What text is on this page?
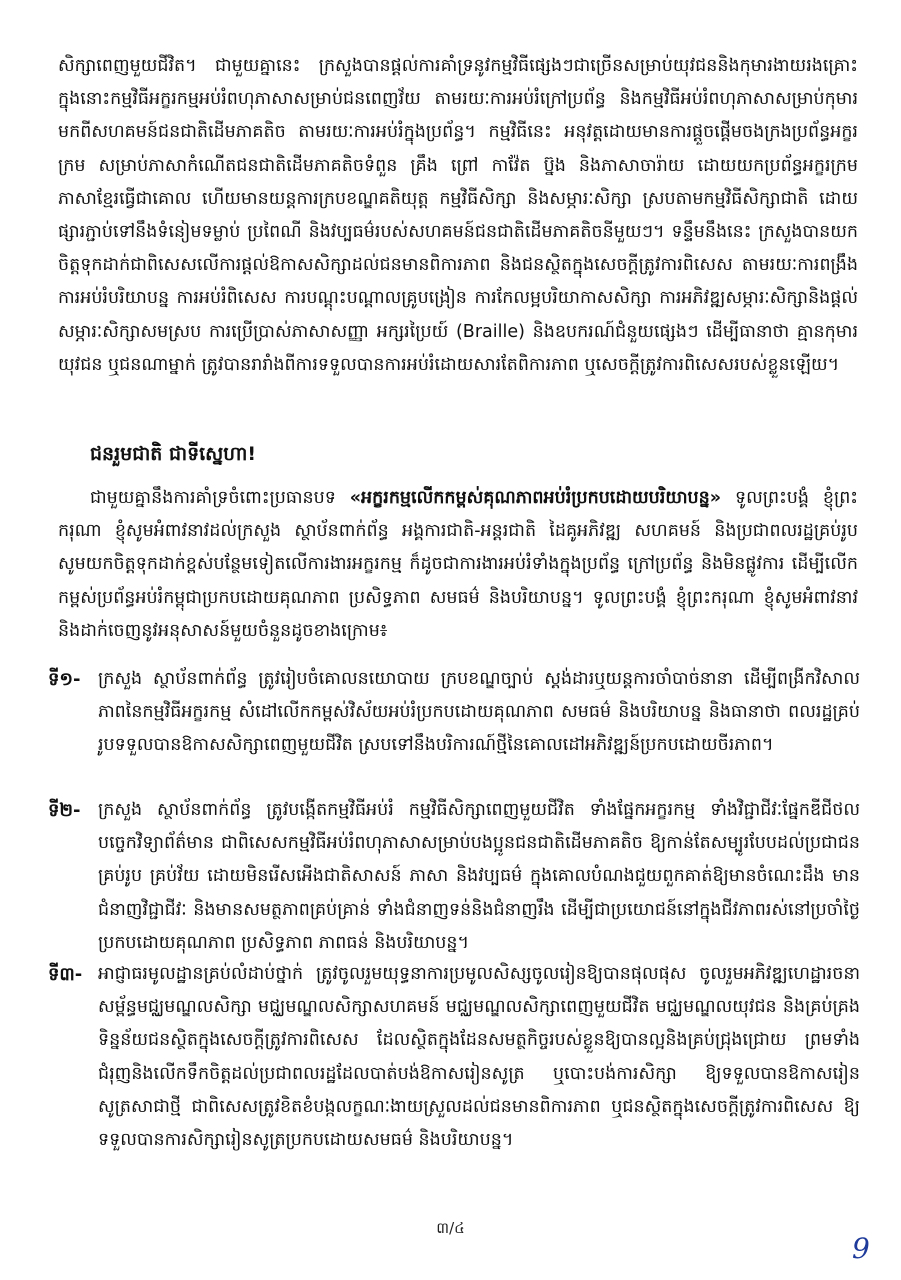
សិក្សាពេញមួយជីវិត។ ជាមួយគ្នានេះ ក្រសួងបានផ្តល់ការគាំទ្រនូវកម្មវិធីផ្សេងៗជាច្រើនសម្រាប់យុវជននិងកុមារងាយរងគ្រោះ ក្នុងនោះកម្មវិធីអក្ខរកម្មអប់រំពហុភាសាសម្រាប់ជនពេញវ័យ តាមរយៈការអប់រំក្រៅប្រព័ន្ធ និងកម្មវិធីអប់រំពហុភាសាសម្រាប់កុមារមកពីសហគមន៍ជនជាតិដើមភាគតិច តាមរយៈការអប់រំក្នុងប្រព័ន្ធ។ កម្មវិធីនេះ អនុវត្តដោយមានការផ្តួចផ្តើមចងក្រងប្រព័ន្ធអក្ខរក្រម សម្រាប់ភាសាកំណើតជនជាតិដើមភាគតិចទំពួន គ្រឹង ព្រៅ កាវ៉ែត ប៊្នង និងភាសាចារ៉ាយ ដោយយកប្រព័ន្ធអក្ខរក្រមភាសាខ្មែរធ្វើជាគោល ហើយមានយន្តការក្របខណ្ឌគតិយុត្ត កម្មវិធីសិក្សា និងសម្ភារៈសិក្សា ស្របតាមកម្មវិធីសិក្សាជាតិ ដោយផ្សារភ្ជាប់ទៅនឹងទំនៀមទម្លាប់ ប្រពៃណី និងវប្បធម៌របស់សហគមន៍ជនជាតិដើមភាគតិចនីមួយៗ។ ទន្ទឹមនឹងនេះ ក្រសួងបានយកចិត្តទុកដាក់ជាពិសេសលើការផ្តល់ឱកាសសិក្សាដល់ជនមានពិការភាព និងជនស្ថិតក្នុងសេចក្តីត្រូវការពិសេស តាមរយៈការពង្រឹងការអប់រំបរិយាបន្ន ការអប់រំពិសេស ការបណ្តុះបណ្តាលគ្រូបង្រៀន ការកែលម្អបរិយាកាសសិក្សា ការអភិវឌ្ឍសម្ភារៈសិក្សានិងផ្តល់សម្ភារៈសិក្សាសមស្រប ការប្រើប្រាស់ភាសាសញ្ញា អក្សរប្រៃយ៍ (Braille) និងឧបករណ៍ជំនួយផ្សេងៗ ដើម្បីធានាថា គ្មានកុមារ យុវជន ឬជនណាម្នាក់ ត្រូវបានរារាំងពីការទទួលបានការអប់រំដោយសារតែពិការភាព ឬសេចក្តីត្រូវការពិសេសរបស់ខ្លួនឡើយ។

ជនរួមជាតិ ជាទីស្នេហា!

ជាមួយគ្នានឹងការគាំទ្រចំពោះប្រធានបទ «អក្ខរកម្មលើកកម្ពស់គុណភាពអប់រំប្រកបដោយបរិយាបន្ន» ទូលព្រះបង្គំ ខ្ញុំព្រះករុណា ខ្ញុំសូមអំពាវនាវដល់ក្រសួង ស្ថាប័នពាក់ព័ន្ធ អង្គការជាតិ-អន្តរជាតិ ដៃគូអភិវឌ្ឍ សហគមន៍ និងប្រជាពលរដ្ឋគ្រប់រូប សូមយកចិត្តទុកដាក់ខ្ពស់បន្ថែមទៀតលើការងារអក្ខរកម្ម ក៏ដូចជាការងារអប់រំទាំងក្នុងប្រព័ន្ធ ក្រៅប្រព័ន្ធ និងមិនផ្លូវការ ដើម្បីលើកកម្ពស់ប្រព័ន្ធអប់រំកម្ពុជាប្រកបដោយគុណភាព ប្រសិទ្ធភាព សមធម៌ និងបរិយាបន្ន។ ទូលព្រះបង្គំ ខ្ញុំព្រះករុណា ខ្ញុំសូមអំពាវនាវនិងដាក់ចេញនូវអនុសាសន៍មួយចំនួនដូចខាងក្រោម៖

ទី១- ក្រសួង ស្ថាប័នពាក់ព័ន្ធ ត្រូវរៀបចំគោលនយោបាយ ក្របខណ្ឌច្បាប់ ស្តង់ដារឬយន្តការចាំបាច់នានា ដើម្បីពង្រីកវិសាលភាពនៃកម្មវិធីអក្ខរកម្ម សំដៅលើកកម្ពស់វិស័យអប់រំប្រកបដោយគុណភាព សមធម៌ និងបរិយាបន្ន និងធានាថា ពលរដ្ឋគ្រប់រូបទទួលបានឱកាសសិក្សាពេញមួយជីវិត ស្របទៅនឹងបរិការណ៍ថ្មីនៃគោលដៅអភិវឌ្ឍន៍ប្រកបដោយចីរភាព។
ទី២- ក្រសួង ស្ថាប័នពាក់ព័ន្ធ ត្រូវបង្កើតកម្មវិធីអប់រំ កម្មវិធីសិក្សាពេញមួយជីវិត ទាំងផ្នែកអក្ខរកម្ម ទាំងវិជ្ជាជីវៈផ្នែកឌីជីថល បច្ចេកវិទ្យាព័ត៌មាន ជាពិសេសកម្មវិធីអប់រំពហុភាសាសម្រាប់បងប្អូនជនជាតិដើមភាគតិច ឱ្យកាន់តែសម្បូរបែបដល់ប្រជាជនគ្រប់រូប គ្រប់វ័យ ដោយមិនរើសអើងជាតិសាសន៍ ភាសា និងវប្បធម៌ ក្នុងគោលបំណងជួយពួកគាត់ឱ្យមានចំណេះដឹង មានជំនាញវិជ្ជាជីវៈ និងមានសមត្ថភាពគ្រប់គ្រាន់ ទាំងជំនាញទន់និងជំនាញរឹង ដើម្បីជាប្រយោជន៍នៅក្នុងជីវភាពរស់នៅប្រចាំថ្ងៃ ប្រកបដោយគុណភាព ប្រសិទ្ធភាព ភាពធន់ និងបរិយាបន្ន។
ទី៣- អាជ្ញាធរមូលដ្ឋានគ្រប់លំដាប់ថ្នាក់ ត្រូវចូលរួមយុទ្ធនាការប្រមូលសិស្សចូលរៀនឱ្យបានផុលផុស ចូលរួមអភិវឌ្ឍហេដ្ឋារចនាសម្ព័ន្ធមជ្ឈមណ្ឌលសិក្សា មជ្ឈមណ្ឌលសិក្សាសហគមន៍ មជ្ឈមណ្ឌលសិក្សាពេញមួយជីវិត មជ្ឈមណ្ឌលយុវជន និងគ្រប់គ្រងទិន្នន័យជនស្ថិតក្នុងសេចក្តីត្រូវការពិសេស ដែលស្ថិតក្នុងដែនសមត្ថកិច្ចរបស់ខ្លួនឱ្យបានល្អនិងគ្រប់ជ្រុងជ្រោយ ព្រមទាំងជំរុញនិងលើកទឹកចិត្តដល់ប្រជាពលរដ្ឋដែលបាត់បង់ឱកាសរៀនសូត្រ ឬបោះបង់ការសិក្សា ឱ្យទទួលបានឱកាសរៀនសូត្រសាជាថ្មី ជាពិសេសត្រូវខិតខំបង្កលក្ខណៈងាយស្រួលដល់ជនមានពិការភាព ឬជនស្ថិតក្នុងសេចក្តីត្រូវការពិសេស ឱ្យទទួលបានការសិក្សារៀនសូត្រប្រកបដោយសមធម៌ និងបរិយាបន្ន។
៣/៤
9
